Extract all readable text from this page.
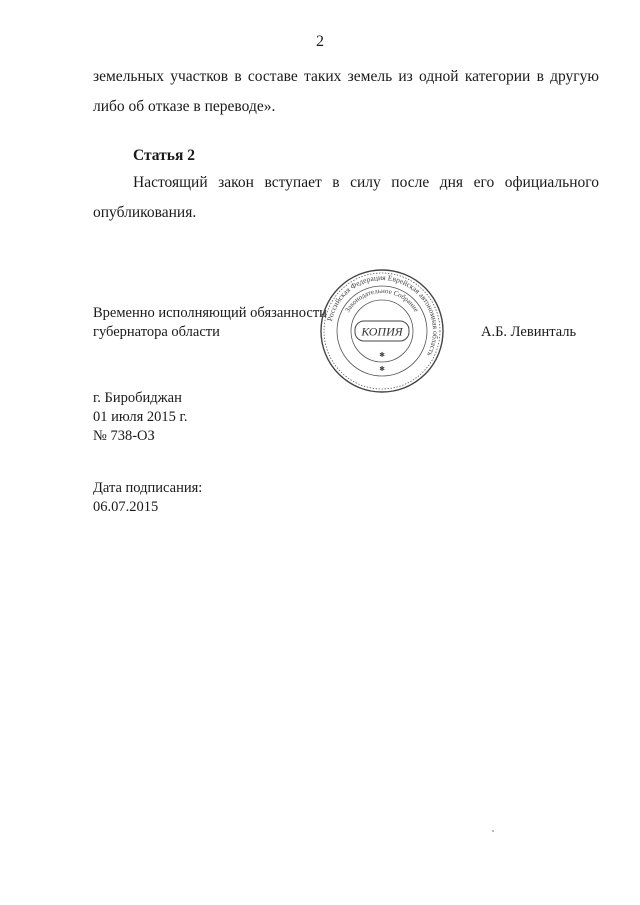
2
земельных участков в составе таких земель из одной категории в другую
либо об отказе в переводе».
Статья 2
Настоящий закон вступает в силу после дня его официального
опубликования.
Временно исполняющий обязанности
губернатора области	А.Б. Левинталь
Российская Федерация Еврейская автономная область
Законодательное Собрание
КОПИЯ
✱
✱
г. Биробиджан
01 июля 2015 г.
№ 738-ОЗ
Дата подписания:
06.07.2015
